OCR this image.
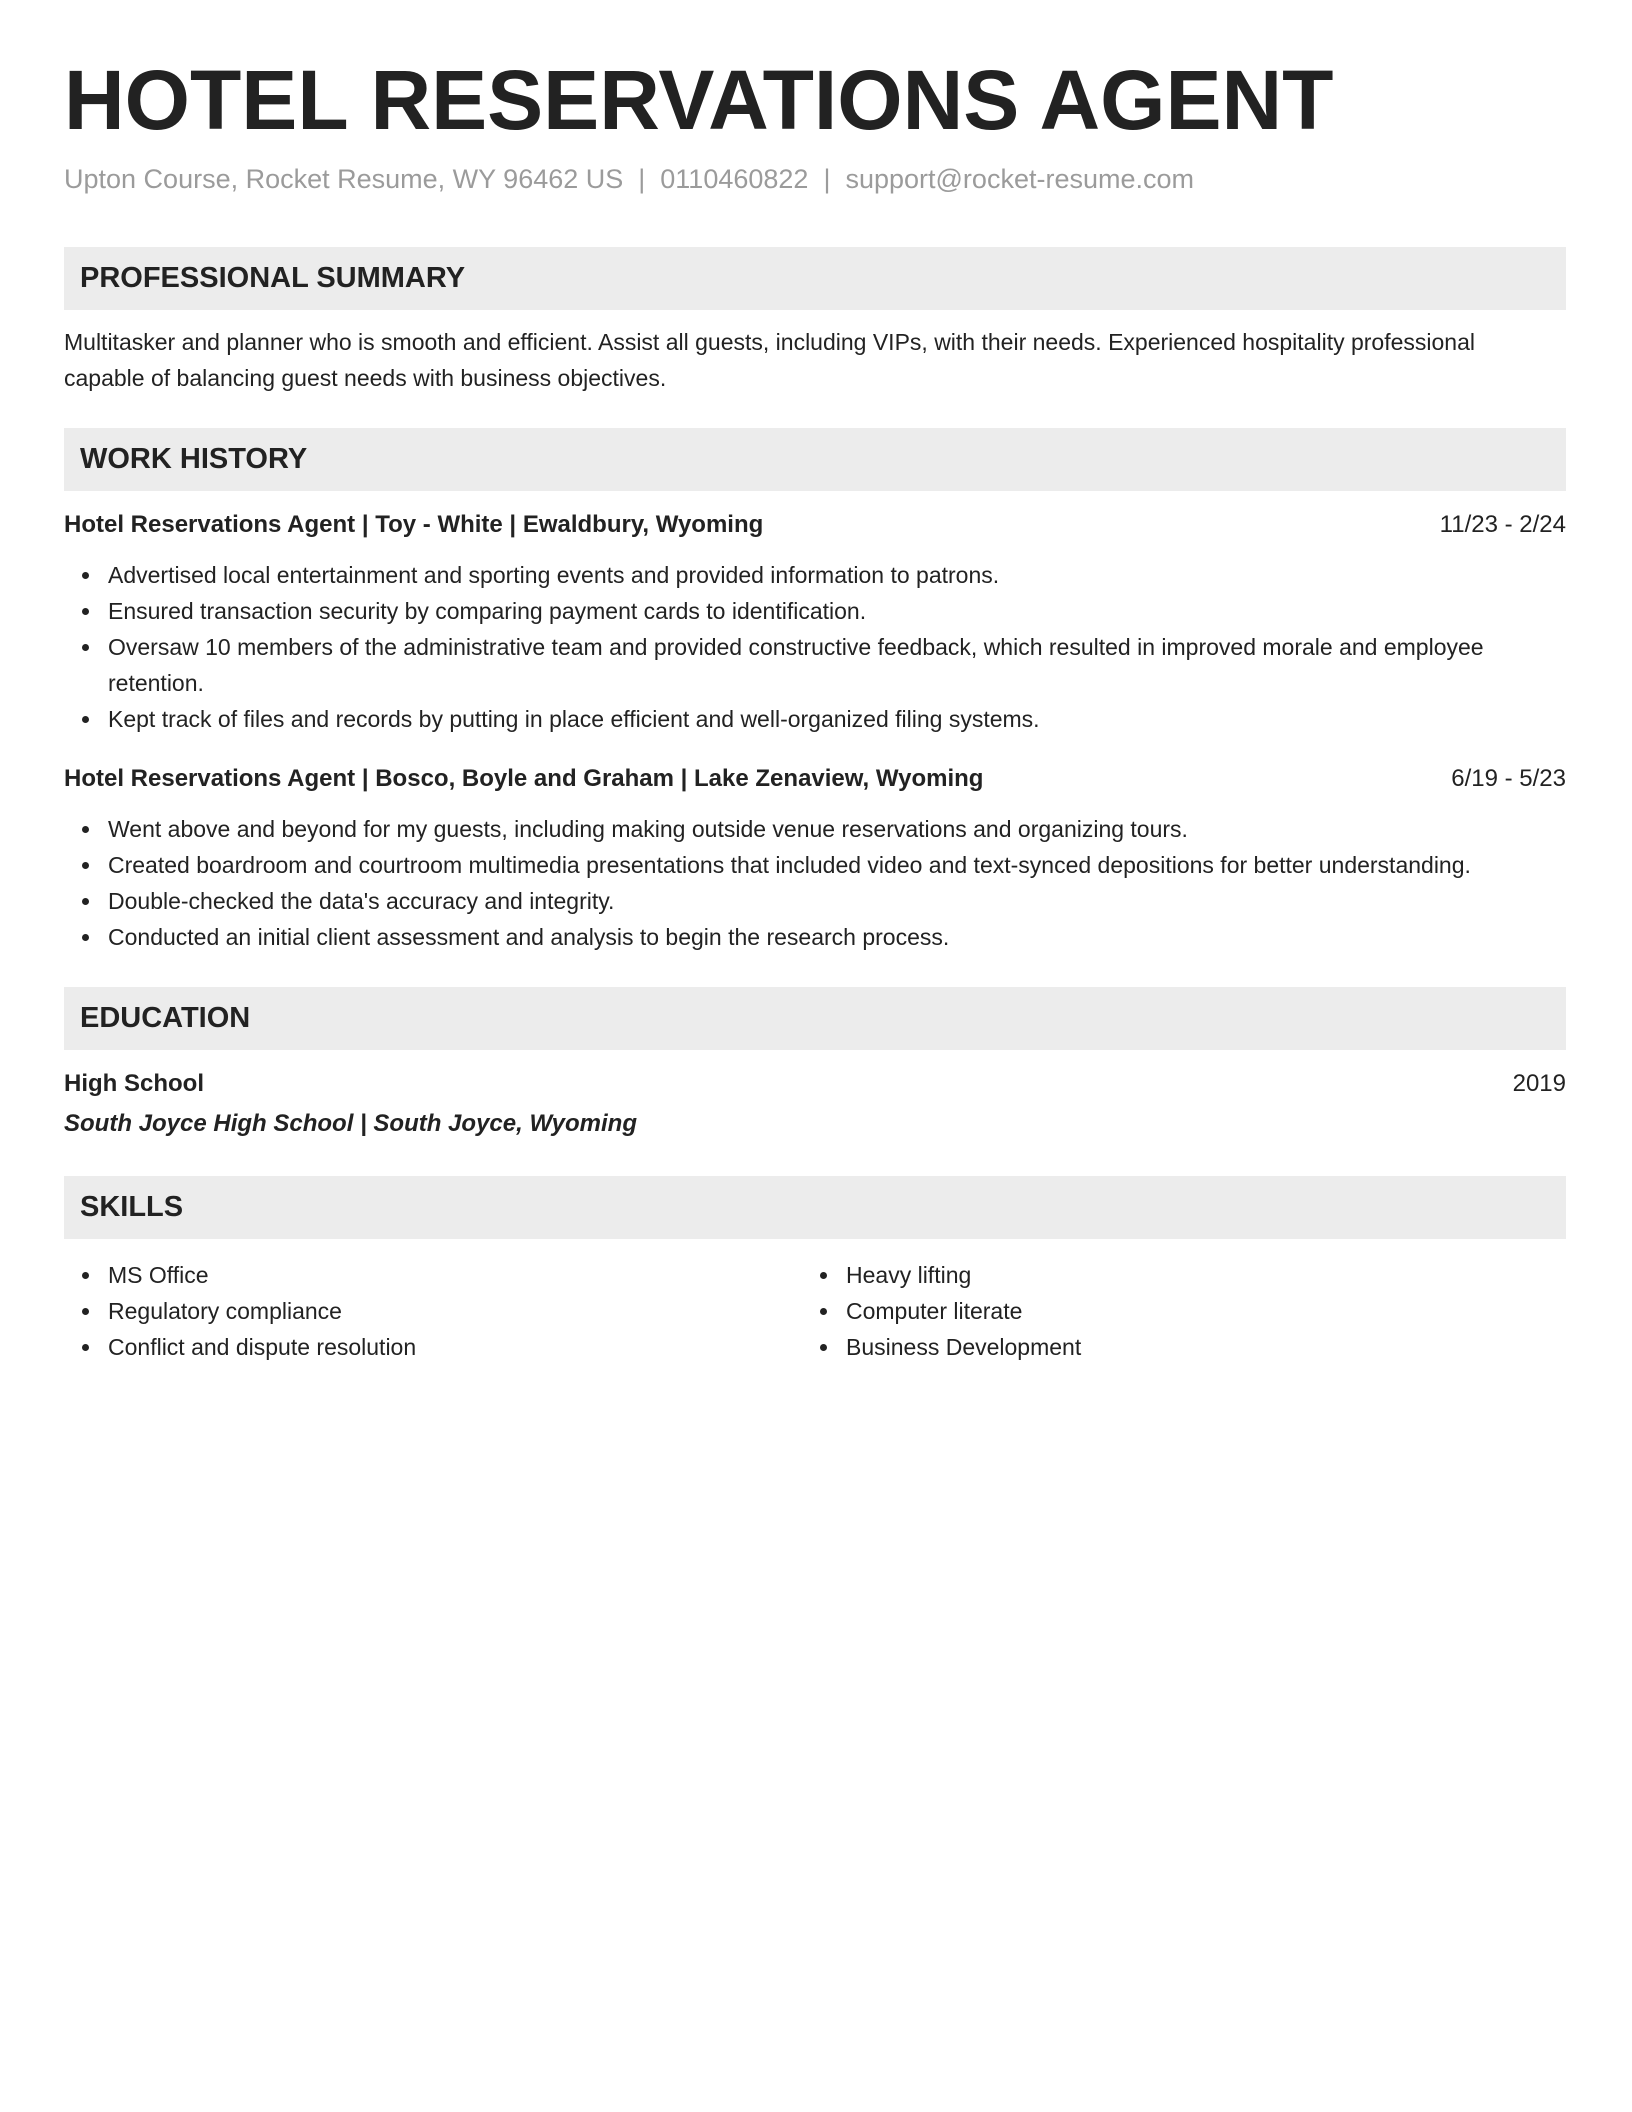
HOTEL RESERVATIONS AGENT
Upton Course, Rocket Resume, WY 96462 US | 0110460822 | support@rocket-resume.com
PROFESSIONAL SUMMARY
Multitasker and planner who is smooth and efficient. Assist all guests, including VIPs, with their needs. Experienced hospitality professional capable of balancing guest needs with business objectives.
WORK HISTORY
Hotel Reservations Agent | Toy - White | Ewaldbury, Wyoming	11/23 - 2/24
Advertised local entertainment and sporting events and provided information to patrons.
Ensured transaction security by comparing payment cards to identification.
Oversaw 10 members of the administrative team and provided constructive feedback, which resulted in improved morale and employee retention.
Kept track of files and records by putting in place efficient and well-organized filing systems.
Hotel Reservations Agent | Bosco, Boyle and Graham | Lake Zenaview, Wyoming	6/19 - 5/23
Went above and beyond for my guests, including making outside venue reservations and organizing tours.
Created boardroom and courtroom multimedia presentations that included video and text-synced depositions for better understanding.
Double-checked the data's accuracy and integrity.
Conducted an initial client assessment and analysis to begin the research process.
EDUCATION
High School	2019
South Joyce High School | South Joyce, Wyoming
SKILLS
MS Office
Regulatory compliance
Conflict and dispute resolution
Heavy lifting
Computer literate
Business Development
